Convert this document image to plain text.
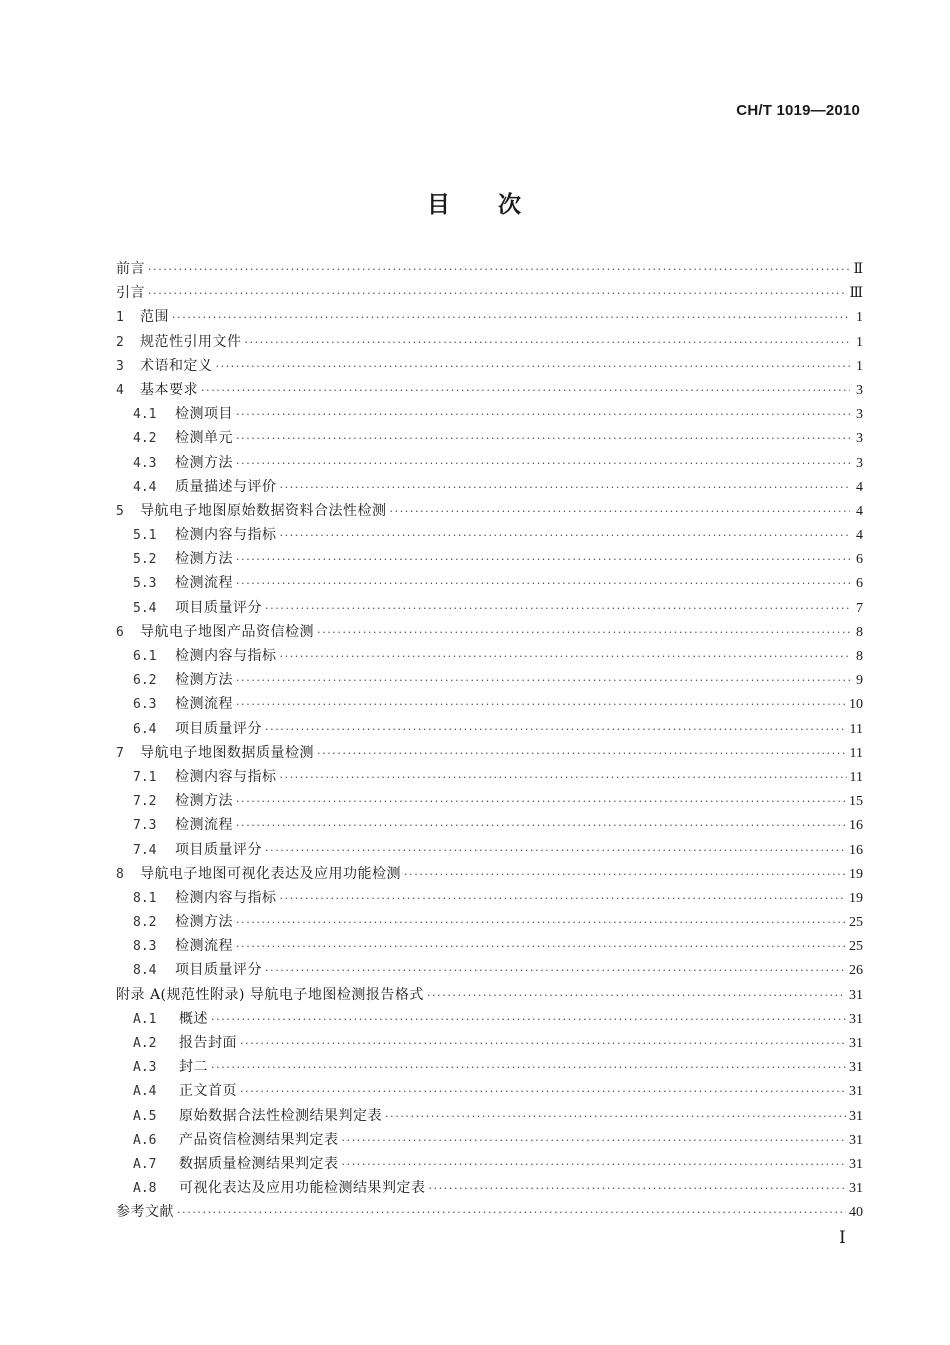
CH/T 1019—2010
目 次
前言 ·····	Ⅱ
引言 ·····	Ⅲ
1	范围 ·····	1
2	规范性引用文件 ·····	1
3	术语和定义 ·····	1
4	基本要求 ·····	3
4.1	检测项目 ·····	3
4.2	检测单元 ·····	3
4.3	检测方法 ·····	3
4.4	质量描述与评价 ·····	4
5	导航电子地图原始数据资料合法性检测 ·····	4
5.1	检测内容与指标 ·····	4
5.2	检测方法 ·····	6
5.3	检测流程 ·····	6
5.4	项目质量评分 ·····	7
6	导航电子地图产品资信检测 ·····	8
6.1	检测内容与指标 ·····	8
6.2	检测方法 ·····	9
6.3	检测流程 ·····	10
6.4	项目质量评分 ·····	11
7	导航电子地图数据质量检测 ·····	11
7.1	检测内容与指标 ·····	11
7.2	检测方法 ·····	15
7.3	检测流程 ·····	16
7.4	项目质量评分 ·····	16
8	导航电子地图可视化表达及应用功能检测 ·····	19
8.1	检测内容与指标 ·····	19
8.2	检测方法 ·····	25
8.3	检测流程 ·····	25
8.4	项目质量评分 ·····	26
附录 A(规范性附录) 导航电子地图检测报告格式 ·····	31
A.1	概述 ·····	31
A.2	报告封面 ·····	31
A.3	封二 ·····	31
A.4	正文首页 ·····	31
A.5	原始数据合法性检测结果判定表 ·····	31
A.6	产品资信检测结果判定表 ·····	31
A.7	数据质量检测结果判定表 ·····	31
A.8	可视化表达及应用功能检测结果判定表 ·····	31
参考文献 ·····	40
Ⅰ
